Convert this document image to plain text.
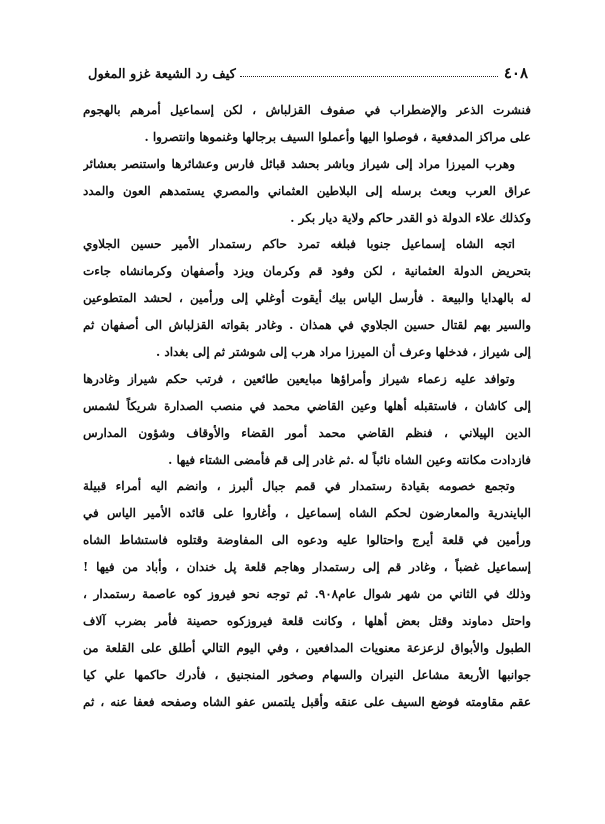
٤٠٨
كيف رد الشيعة غزو المغول
فنشرت الذعر والإضطراب في صفوف القزلباش ، لكن إسماعيل أمرهم بالهجوم
على مراكز المدفعية ، فوصلوا اليها وأعملوا السيف برجالها وغنموها وانتصروا .
وهرب الميرزا مراد إلى شيراز وباشر بحشد قبائل فارس وعشائرها واستنصر بعشائر
عراق العرب وبعث برسله إلى البلاطين العثماني والمصري يستمدهم العون والمدد
وكذلك علاء الدولة ذو القدر حاكم ولاية ديار بكر .
اتجه الشاه إسماعيل جنوبا فبلغه تمرد حاكم رستمدار الأمير حسين الجلاوي
بتحريض الدولة العثمانية ، لكن وفود قم وكرمان ويزد وأصفهان وكرمانشاه جاءت
له بالهدايا والبيعة . فأرسل الياس بيك أيقوت أوغلي إلى ورأمين ، لحشد المتطوعين
والسير بهم لقتال حسين الجلاوي في همذان . وغادر بقواته القزلباش الى أصفهان ثم
إلى شيراز ، فدخلها وعرف أن الميرزا مراد هرب إلى شوشتر ثم إلى بغداد .
وتوافد عليه زعماء شيراز وأمراؤها مبايعين طائعين ، فرتب حكم شيراز وغادرها
إلى كاشان ، فاستقبله أهلها وعين القاضي محمد في منصب الصدارة شريكاً لشمس
الدين الپيلاني ، فنظم القاضي محمد أمور القضاء والأوقاف وشؤون المدارس
فازدادت مكانته وعين الشاه نائباً له .ثم غادر إلى قم فأمضى الشتاء فيها .
وتجمع خصومه بقيادة رستمدار في قمم جبال ألبرز ، وانضم اليه أمراء قبيلة
البايندرية والمعارضون لحكم الشاه إسماعيل ، وأغاروا على قائده الأمير الياس في
ورأمين في قلعة أيرج واحتالوا عليه ودعوه الى المفاوضة وقتلوه فاستشاط الشاه
إسماعيل غضباً ، وغادر قم إلى رستمدار وهاجم قلعة پل خندان ، وأباد من فيها !
وذلك في الثاني من شهر شوال عام٩٠٨. ثم توجه نحو فيروز كوه عاصمة رستمدار ،
واحتل دماوند وقتل بعض أهلها ، وكانت قلعة فيروزكوه حصينة فأمر بضرب آلاف
الطبول والأبواق لزعزعة معنويات المدافعين ، وفي اليوم التالي أطلق على القلعة من
جوانبها الأربعة مشاعل النيران والسهام وصخور المنجنيق ، فأدرك حاكمها علي كيا
عقم مقاومته فوضع السيف على عنقه وأقبل يلتمس عفو الشاه وصفحه فعفا عنه ، ثم
